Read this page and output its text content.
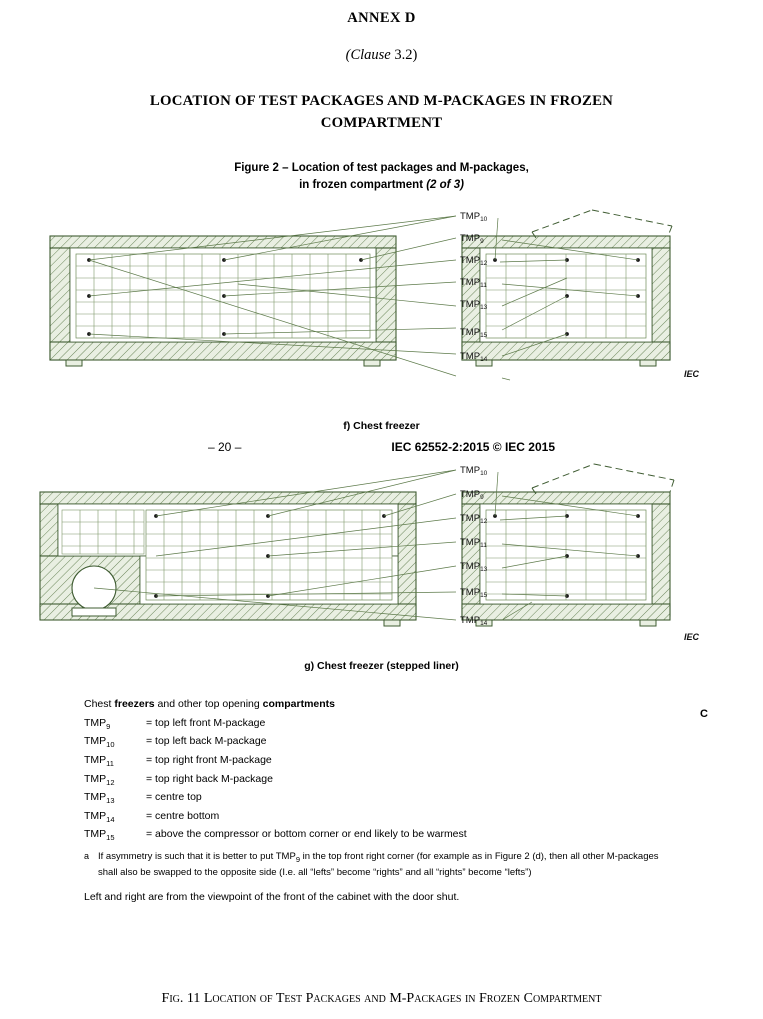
ANNEX D
(Clause 3.2)
LOCATION OF TEST PACKAGES AND M-PACKAGES IN FROZEN
COMPARTMENT
Figure 2 – Location of test packages and M-packages,
in frozen compartment (2 of 3)
$TMP_{10}$
$TMP_9$
$TMP_{12}$
$TMP_{11}$
$TMP_{13}$
$TMP_{15}$
$TMP_{14}$
IEC
f) Chest freezer
– 20 –	IEC 62552-2:2015 © IEC 2015
$TMP_{10}$
$TMP_9$
$TMP_{12}$
$TMP_{11}$
$TMP_{13}$
$TMP_{15}$
$TMP_{14}$
IEC
g) Chest freezer (stepped liner)
C
Chest freezers and other top opening compartments
$TMP_9$	= top left front M-package
$TMP_{10}$	= top left back M-package
$TMP_{11}$	= top right front M-package
$TMP_{12}$	= top right back M-package
$TMP_{13}$	= centre top
$TMP_{14}$	= centre bottom
$TMP_{15}$	= above the compressor or bottom corner or end likely to be warmest
a If asymmetry is such that it is better to put $TMP_9$ in the top front right corner (for example as in Figure 2 (d), then all other M-packages shall also be swapped to the opposite side (I.e. all “lefts” become “rights” and all “rights” become “lefts”)
Left and right are from the viewpoint of the front of the cabinet with the door shut.
Fig. 11 Location of Test Packages and M-Packages in Frozen Compartment
